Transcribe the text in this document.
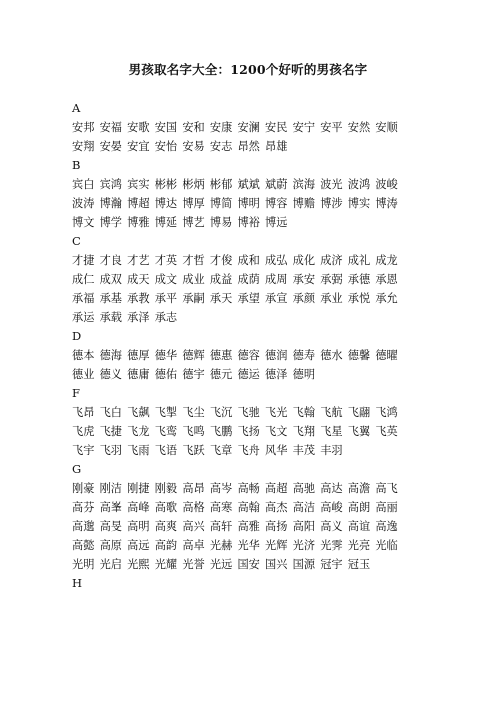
男孩取名字大全：1200个好听的男孩名字
A
安邦 安福 安歌 安国 安和 安康 安澜 安民 安宁 安平 安然 安顺
安翔 安晏 安宜 安怡 安易 安志 昂然 昂雄
B
宾白 宾鸿 宾实 彬彬 彬炳 彬郁 斌斌 斌蔚 滨海 波光 波鸿 波峻
波涛 博瀚 博超 博达 博厚 博简 博明 博容 博赡 博涉 博实 博涛
博文 博学 博雅 博延 博艺 博易 博裕 博远
C
才捷 才良 才艺 才英 才哲 才俊 成和 成弘 成化 成济 成礼 成龙
成仁 成双 成天 成文 成业 成益 成荫 成周 承安 承弼 承德 承恩
承福 承基 承教 承平 承嗣 承天 承望 承宣 承颜 承业 承悦 承允
承运 承载 承泽 承志
D
德本 德海 德厚 德华 德辉 德惠 德容 德润 德寿 德水 德馨 德曜
德业 德义 德庸 德佑 德宇 德元 德运 德泽 德明
F
飞昂 飞白 飞飙 飞掣 飞尘 飞沉 飞驰 飞光 飞翰 飞航 飞翮 飞鸿
飞虎 飞捷 飞龙 飞鸾 飞鸣 飞鹏 飞扬 飞文 飞翔 飞星 飞翼 飞英
飞宇 飞羽 飞雨 飞语 飞跃 飞章 飞舟 风华 丰茂 丰羽
G
刚豪 刚洁 刚捷 刚毅 高昂 高岑 高畅 高超 高驰 高达 高澹 高飞
高芬 高峯 高峰 高歌 高格 高寒 高翰 高杰 高洁 高峻 高朗 高丽
高邈 高旻 高明 高爽 高兴 高轩 高雅 高扬 高阳 高义 高谊 高逸
高懿 高原 高远 高韵 高卓 光赫 光华 光辉 光济 光霁 光亮 光临
光明 光启 光熙 光耀 光誉 光远 国安 国兴 国源 冠宇 冠玉
H
